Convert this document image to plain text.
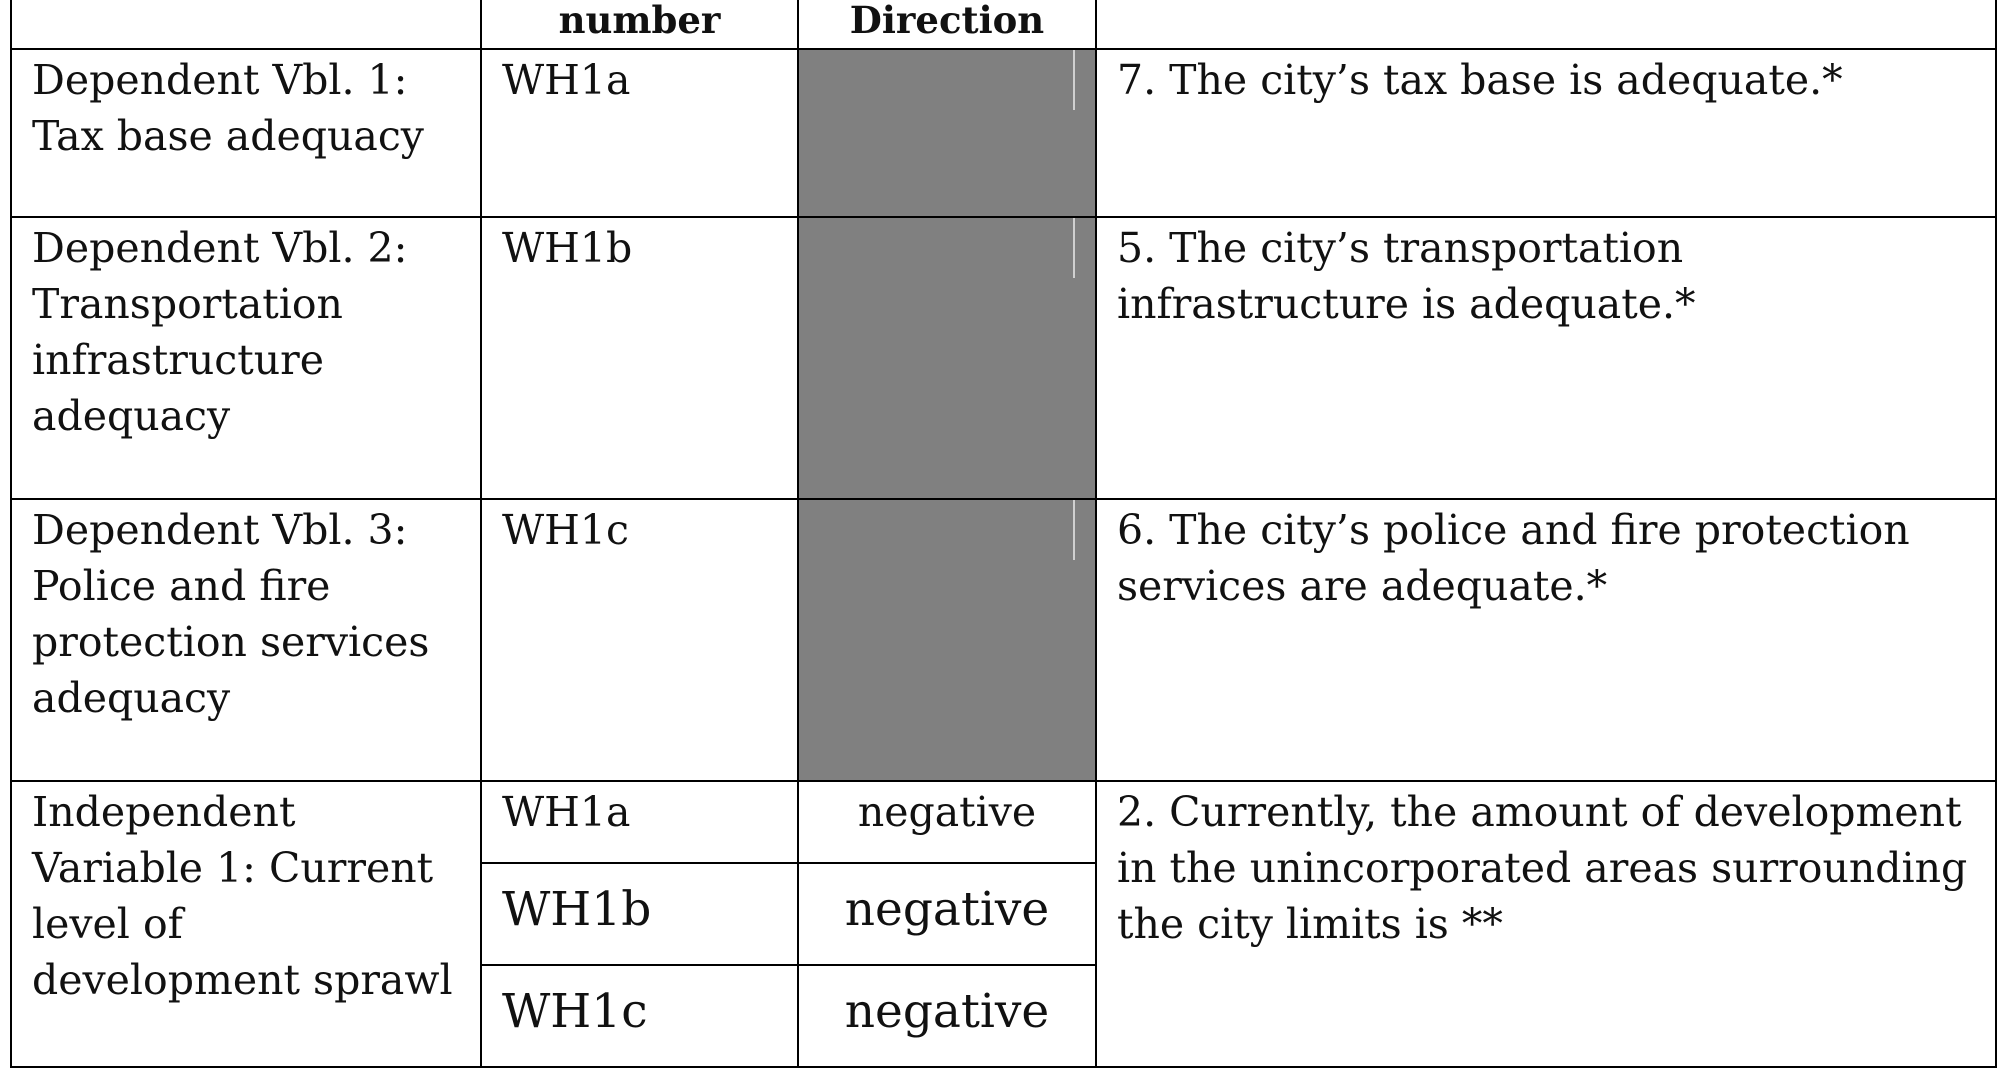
	number	Direction	

Dependent Vbl. 1: Tax base adequacy	WH1a		7. The city’s tax base is adequate.*

Dependent Vbl. 2: Transportation infrastructure adequacy	WH1b		5. The city’s transportation infrastructure is adequate.*

Dependent Vbl. 3: Police and fire protection services adequacy	WH1c		6. The city’s police and fire protection services are adequate.*

Independent Variable 1: Current level of development sprawl	WH1a	negative	2. Currently, the amount of development in the unincorporated areas surrounding the city limits is **

	WH1b	negative	

	WH1c	negative	
